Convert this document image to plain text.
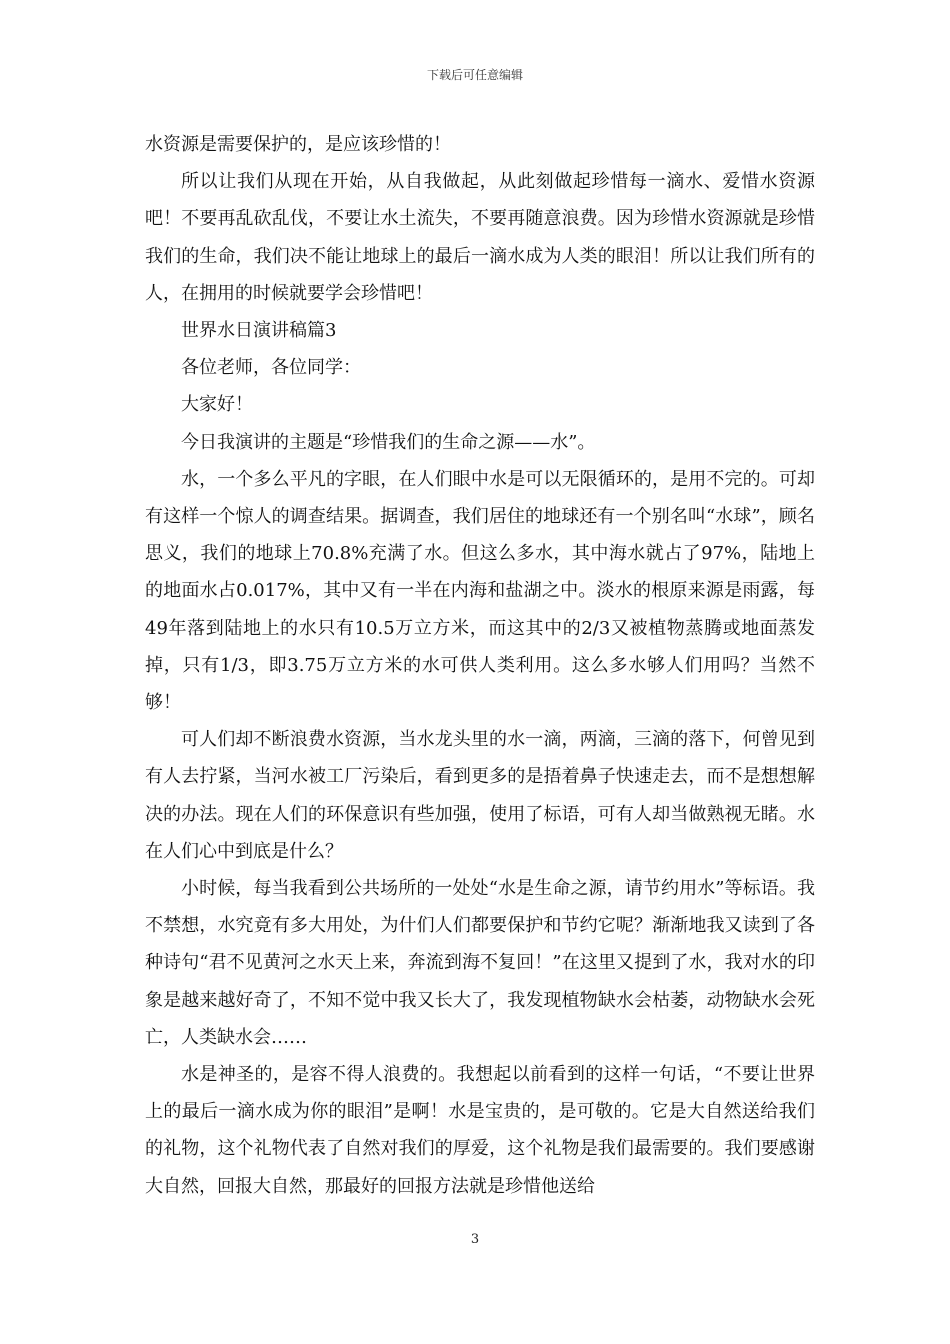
下载后可任意编辑

水资源是需要保护的，是应该珍惜的！

所以让我们从现在开始，从自我做起，从此刻做起珍惜每一滴水、爱惜水资源吧！不要再乱砍乱伐，不要让水土流失，不要再随意浪费。因为珍惜水资源就是珍惜我们的生命，我们决不能让地球上的最后一滴水成为人类的眼泪！所以让我们所有的人，在拥用的时候就要学会珍惜吧！

世界水日演讲稿篇3

各位老师，各位同学：

大家好！

今日我演讲的主题是“珍惜我们的生命之源——水”。

水，一个多么平凡的字眼，在人们眼中水是可以无限循环的，是用不完的。可却有这样一个惊人的调查结果。据调查，我们居住的地球还有一个别名叫“水球”，顾名思义，我们的地球上70.8%充满了水。但这么多水，其中海水就占了97%，陆地上的地面水占0.017%，其中又有一半在内海和盐湖之中。淡水的根原来源是雨露，每49年落到陆地上的水只有10.5万立方米，而这其中的2/3又被植物蒸腾或地面蒸发掉，只有1/3，即3.75万立方米的水可供人类利用。这么多水够人们用吗？当然不够！

可人们却不断浪费水资源，当水龙头里的水一滴，两滴，三滴的落下，何曾见到有人去拧紧，当河水被工厂污染后，看到更多的是捂着鼻子快速走去，而不是想想解决的办法。现在人们的环保意识有些加强，使用了标语，可有人却当做熟视无睹。水在人们心中到底是什么？

小时候，每当我看到公共场所的一处处“水是生命之源，请节约用水”等标语。我不禁想，水究竟有多大用处，为什们人们都要保护和节约它呢？渐渐地我又读到了各种诗句“君不见黄河之水天上来，奔流到海不复回！”在这里又提到了水，我对水的印象是越来越好奇了，不知不觉中我又长大了，我发现植物缺水会枯萎，动物缺水会死亡，人类缺水会……

水是神圣的，是容不得人浪费的。我想起以前看到的这样一句话，“不要让世界上的最后一滴水成为你的眼泪”是啊！水是宝贵的，是可敬的。它是大自然送给我们的礼物，这个礼物代表了自然对我们的厚爱，这个礼物是我们最需要的。我们要感谢大自然，回报大自然，那最好的回报方法就是珍惜他送给

3
